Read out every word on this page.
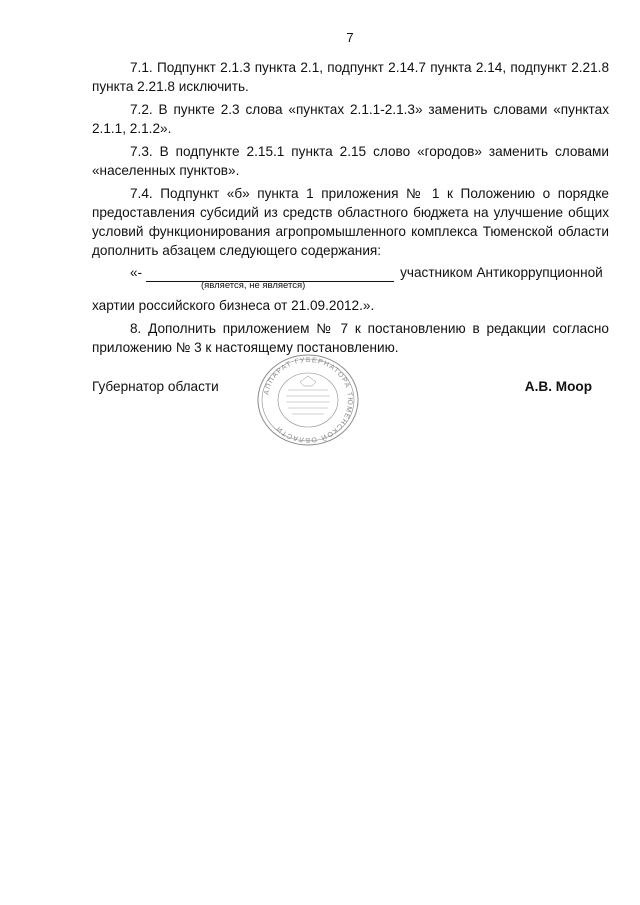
7

7.1. Подпункт 2.1.3 пункта 2.1, подпункт 2.14.7 пункта 2.14, подпункт 2.21.8 пункта 2.21.8 исключить.

7.2. В пункте 2.3 слова «пунктах 2.1.1-2.1.3» заменить словами «пунктах 2.1.1, 2.1.2».

7.3. В подпункте 2.15.1 пункта 2.15 слово «городов» заменить словами «населенных пунктов».

7.4. Подпункт «б» пункта 1 приложения № 1 к Положению о порядке предоставления субсидий из средств областного бюджета на улучшение общих условий функционирования агропромышленного комплекса Тюменской области дополнить абзацем следующего содержания:

«-	участником Антикоррупционной
(является, не является)

хартии российского бизнеса от 21.09.2012.».

8. Дополнить приложением № 7 к постановлению в редакции согласно приложению № 3 к настоящему постановлению.

Губернатор области	А.В. Моор
АППАРАТ ГУБЕРНАТОРА ТЮМЕНСКОЙ ОБЛАСТИ
